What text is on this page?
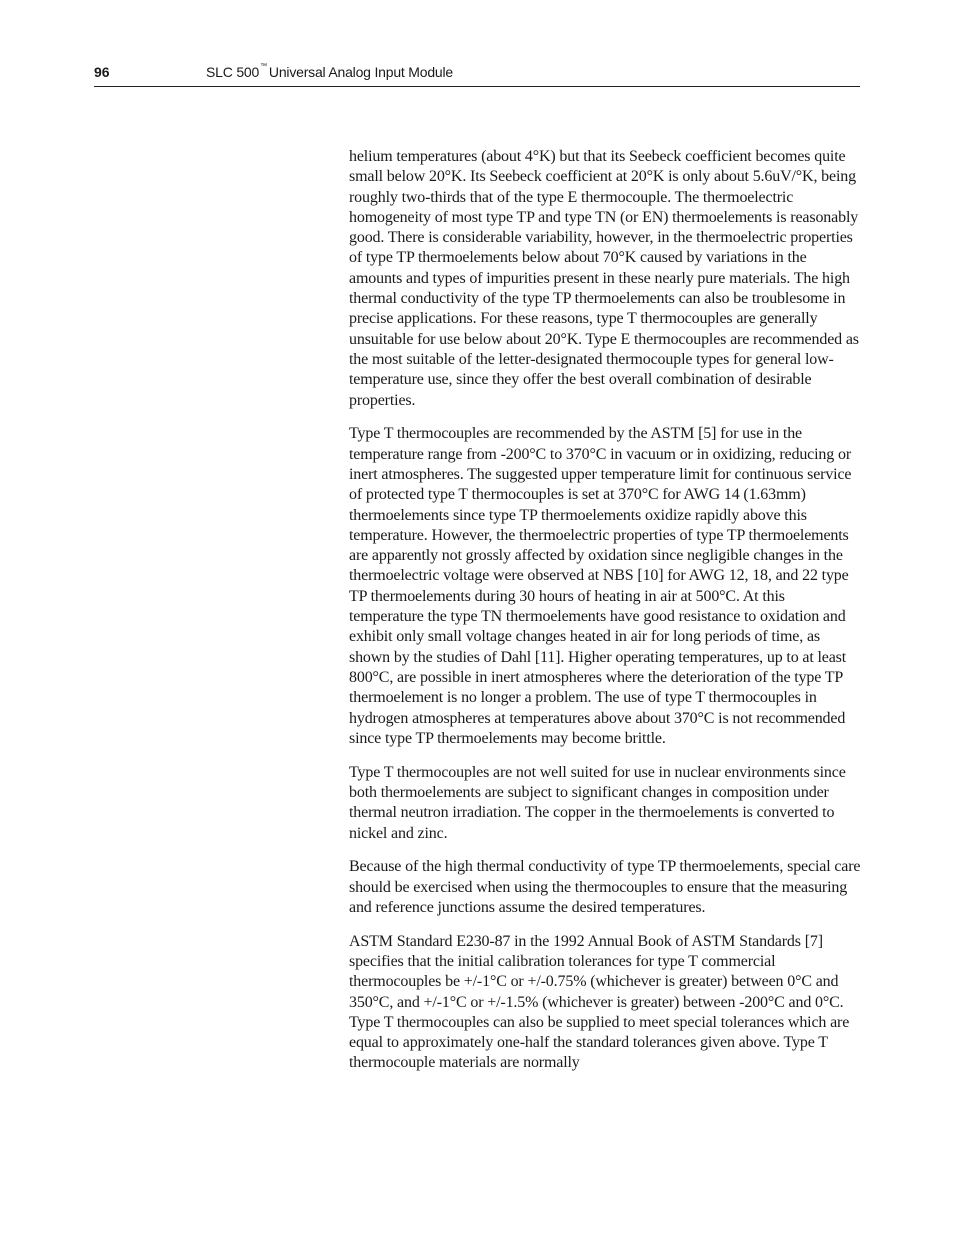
96	SLC 500™ Universal Analog Input Module

helium temperatures (about 4°K) but that its Seebeck coefficient becomes quite small below 20°K. Its Seebeck coefficient at 20°K is only about 5.6uV/°K, being roughly two-thirds that of the type E thermocouple. The thermoelectric homogeneity of most type TP and type TN (or EN) thermoelements is reasonably good. There is considerable variability, however, in the thermoelectric properties of type TP thermoelements below about 70°K caused by variations in the amounts and types of impurities present in these nearly pure materials. The high thermal conductivity of the type TP thermoelements can also be troublesome in precise applications. For these reasons, type T thermocouples are generally unsuitable for use below about 20°K. Type E thermocouples are recommended as the most suitable of the letter-designated thermocouple types for general low-temperature use, since they offer the best overall combination of desirable properties.

Type T thermocouples are recommended by the ASTM [5] for use in the temperature range from -200°C to 370°C in vacuum or in oxidizing, reducing or inert atmospheres. The suggested upper temperature limit for continuous service of protected type T thermocouples is set at 370°C for AWG 14 (1.63mm) thermoelements since type TP thermoelements oxidize rapidly above this temperature. However, the thermoelectric properties of type TP thermoelements are apparently not grossly affected by oxidation since negligible changes in the thermoelectric voltage were observed at NBS [10] for AWG 12, 18, and 22 type TP thermoelements during 30 hours of heating in air at 500°C. At this temperature the type TN thermoelements have good resistance to oxidation and exhibit only small voltage changes heated in air for long periods of time, as shown by the studies of Dahl [11]. Higher operating temperatures, up to at least 800°C, are possible in inert atmospheres where the deterioration of the type TP thermoelement is no longer a problem. The use of type T thermocouples in hydrogen atmospheres at temperatures above about 370°C is not recommended since type TP thermoelements may become brittle.

Type T thermocouples are not well suited for use in nuclear environments since both thermoelements are subject to significant changes in composition under thermal neutron irradiation. The copper in the thermoelements is converted to nickel and zinc.

Because of the high thermal conductivity of type TP thermoelements, special care should be exercised when using the thermocouples to ensure that the measuring and reference junctions assume the desired temperatures.

ASTM Standard E230-87 in the 1992 Annual Book of ASTM Standards [7] specifies that the initial calibration tolerances for type T commercial thermocouples be +/-1°C or +/-0.75% (whichever is greater) between 0°C and 350°C, and +/-1°C or +/-1.5% (whichever is greater) between -200°C and 0°C. Type T thermocouples can also be supplied to meet special tolerances which are equal to approximately one-half the standard tolerances given above. Type T thermocouple materials are normally
